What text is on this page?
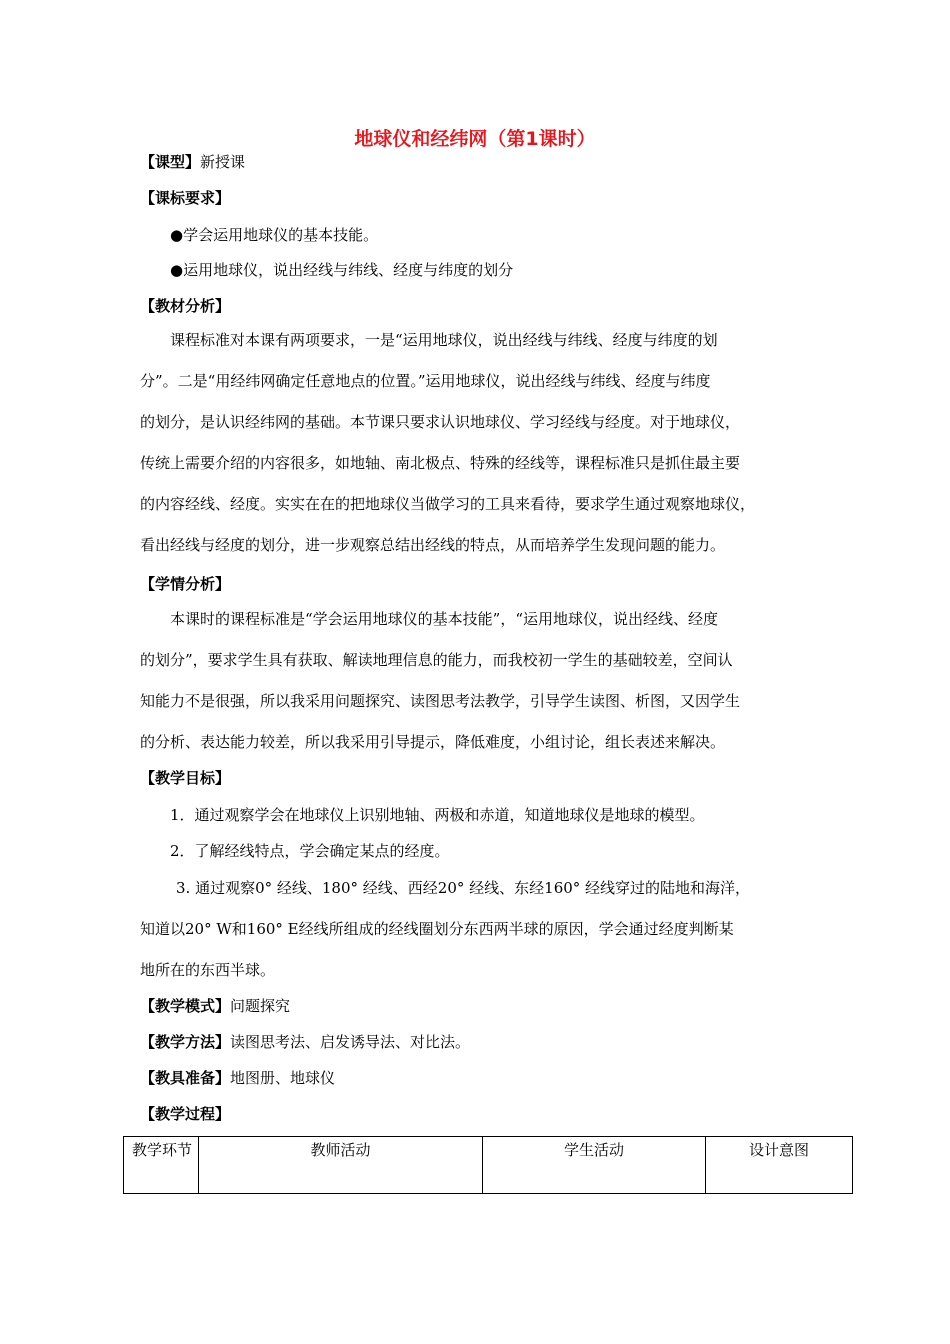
地球仪和经纬网（第1课时）
【课型】新授课
【课标要求】
●学会运用地球仪的基本技能。
●运用地球仪，说出经线与纬线、经度与纬度的划分
【教材分析】
课程标准对本课有两项要求，一是“运用地球仪，说出经线与纬线、经度与纬度的划
分”。二是“用经纬网确定任意地点的位置。”运用地球仪，说出经线与纬线、经度与纬度
的划分，是认识经纬网的基础。本节课只要求认识地球仪、学习经线与经度。对于地球仪，
传统上需要介绍的内容很多，如地轴、南北极点、特殊的经线等，课程标准只是抓住最主要
的内容经线、经度。实实在在的把地球仪当做学习的工具来看待，要求学生通过观察地球仪，
看出经线与经度的划分，进一步观察总结出经线的特点，从而培养学生发现问题的能力。
【学情分析】
本课时的课程标准是“学会运用地球仪的基本技能”，“运用地球仪，说出经线、经度
的划分”，要求学生具有获取、解读地理信息的能力，而我校初一学生的基础较差，空间认
知能力不是很强，所以我采用问题探究、读图思考法教学，引导学生读图、析图，又因学生
的分析、表达能力较差，所以我采用引导提示，降低难度，小组讨论，组长表述来解决。
【教学目标】
1．通过观察学会在地球仪上识别地轴、两极和赤道，知道地球仪是地球的模型。
2．了解经线特点，学会确定某点的经度。
3. 通过观察0° 经线、180° 经线、西经20° 经线、东经160° 经线穿过的陆地和海洋，
知道以20° W和160° E经线所组成的经线圈划分东西两半球的原因，学会通过经度判断某
地所在的东西半球。
【教学模式】问题探究
【教学方法】读图思考法、启发诱导法、对比法。
【教具准备】地图册、地球仪
【教学过程】
教学环节	教师活动	学生活动	设计意图
